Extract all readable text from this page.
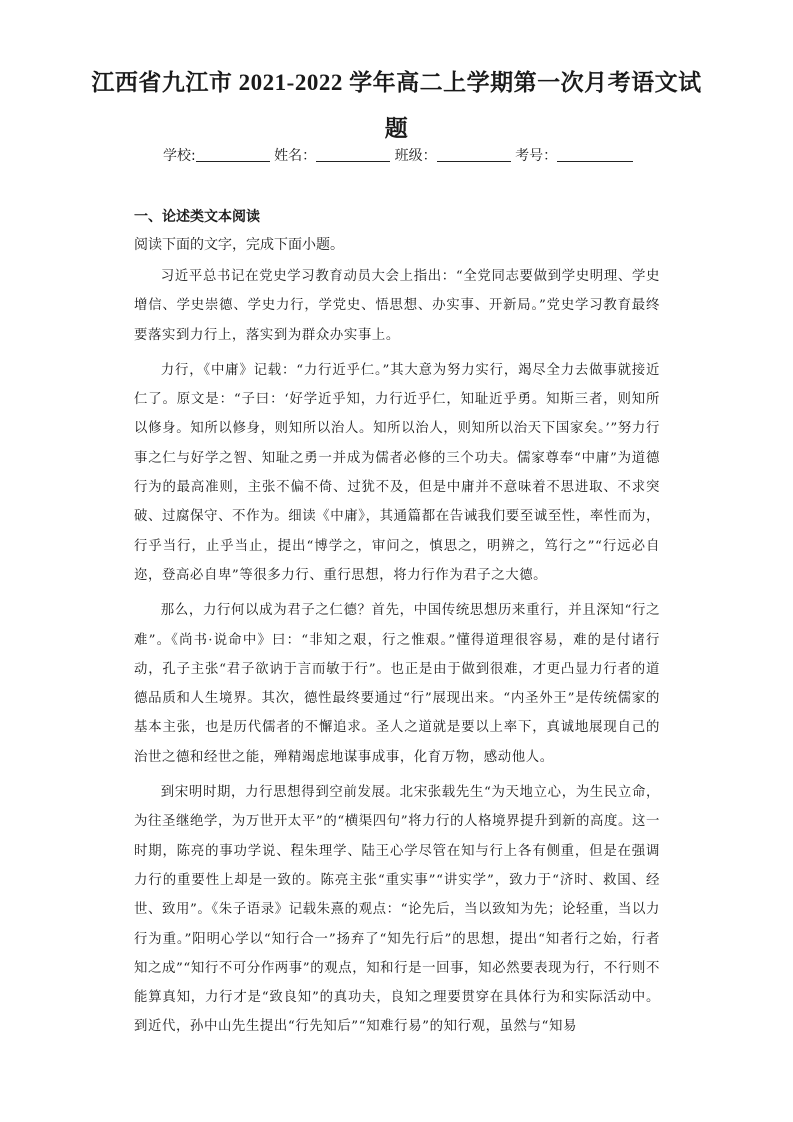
江西省九江市 2021-2022 学年高二上学期第一次月考语文试
题
学校:	姓名：	班级：	考号：
一、论述类文本阅读

阅读下面的文字，完成下面小题。

习近平总书记在党史学习教育动员大会上指出：“全党同志要做到学史明理、学史增信、学史崇德、学史力行，学党史、悟思想、办实事、开新局。”党史学习教育最终要落实到力行上，落实到为群众办实事上。

力行，《中庸》记载：“力行近乎仁。”其大意为努力实行，竭尽全力去做事就接近仁了。原文是：“子曰：‘好学近乎知，力行近乎仁，知耻近乎勇。知斯三者，则知所以修身。知所以修身，则知所以治人。知所以治人，则知所以治天下国家矣。’”努力行事之仁与好学之智、知耻之勇一并成为儒者必修的三个功夫。儒家尊奉“中庸”为道德行为的最高准则，主张不偏不倚、过犹不及，但是中庸并不意味着不思进取、不求突破、过腐保守、不作为。细读《中庸》，其通篇都在告诫我们要至诚至性，率性而为，行乎当行，止乎当止，提出“博学之，审问之，慎思之，明辨之，笃行之”“行远必自迩，登高必自卑”等很多力行、重行思想，将力行作为君子之大德。

那么，力行何以成为君子之仁德？首先，中国传统思想历来重行，并且深知“行之难”。《尚书·说命中》曰：“非知之艰，行之惟艰。”懂得道理很容易，难的是付诸行动，孔子主张“君子欲讷于言而敏于行”。也正是由于做到很难，才更凸显力行者的道德品质和人生境界。其次，德性最终要通过“行”展现出来。“内圣外王”是传统儒家的基本主张，也是历代儒者的不懈追求。圣人之道就是要以上率下，真诚地展现自己的治世之德和经世之能，殚精竭虑地谋事成事，化育万物，感动他人。

到宋明时期，力行思想得到空前发展。北宋张载先生“为天地立心，为生民立命，为往圣继绝学，为万世开太平”的“横渠四句”将力行的人格境界提升到新的高度。这一时期，陈亮的事功学说、程朱理学、陆王心学尽管在知与行上各有侧重，但是在强调力行的重要性上却是一致的。陈亮主张“重实事”“讲实学”，致力于“济时、救国、经世、致用”。《朱子语录》记载朱熹的观点：“论先后，当以致知为先；论轻重，当以力行为重。”阳明心学以“知行合一”扬弃了“知先行后”的思想，提出“知者行之始，行者知之成”“知行不可分作两事”的观点，知和行是一回事，知必然要表现为行，不行则不能算真知，力行才是“致良知”的真功夫，良知之理要贯穿在具体行为和实际活动中。到近代，孙中山先生提出“行先知后”“知难行易”的知行观，虽然与“知易
